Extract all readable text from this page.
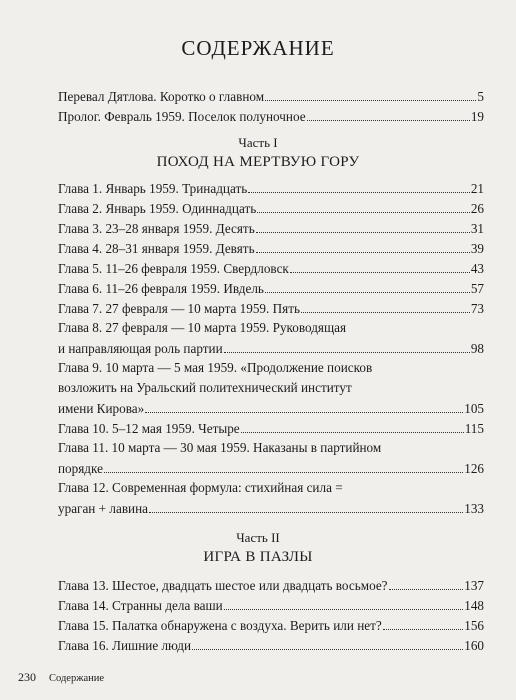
СОДЕРЖАНИЕ
Перевал Дятлова. Коротко о главном	5
Пролог. Февраль 1959. Поселок полуночное	19
Часть I
ПОХОД НА МЕРТВУЮ ГОРУ
Глава 1. Январь 1959. Тринадцать	21
Глава 2. Январь 1959. Одиннадцать	26
Глава 3. 23–28 января 1959. Десять	31
Глава 4. 28–31 января 1959. Девять	39
Глава 5. 11–26 февраля 1959. Свердловск	43
Глава 6. 11–26 февраля 1959. Ивдель	57
Глава 7. 27 февраля — 10 марта 1959. Пять	73
Глава 8. 27 февраля — 10 марта 1959. Руководящая
и направляющая роль партии	98
Глава 9. 10 марта — 5 мая 1959. «Продолжение поисков
возложить на Уральский политехнический институт
имени Кирова»	105
Глава 10. 5–12 мая 1959. Четыре	115
Глава 11. 10 марта — 30 мая 1959. Наказаны в партийном
порядке	126
Глава 12. Современная формула: стихийная сила =
ураган + лавина	133
Часть II
ИГРА В ПАЗЛЫ
Глава 13. Шестое, двадцать шестое или двадцать восьмое?	137
Глава 14. Странны дела ваши	148
Глава 15. Палатка обнаружена с воздуха. Верить или нет?	156
Глава 16. Лишние люди	160
230 Содержание
